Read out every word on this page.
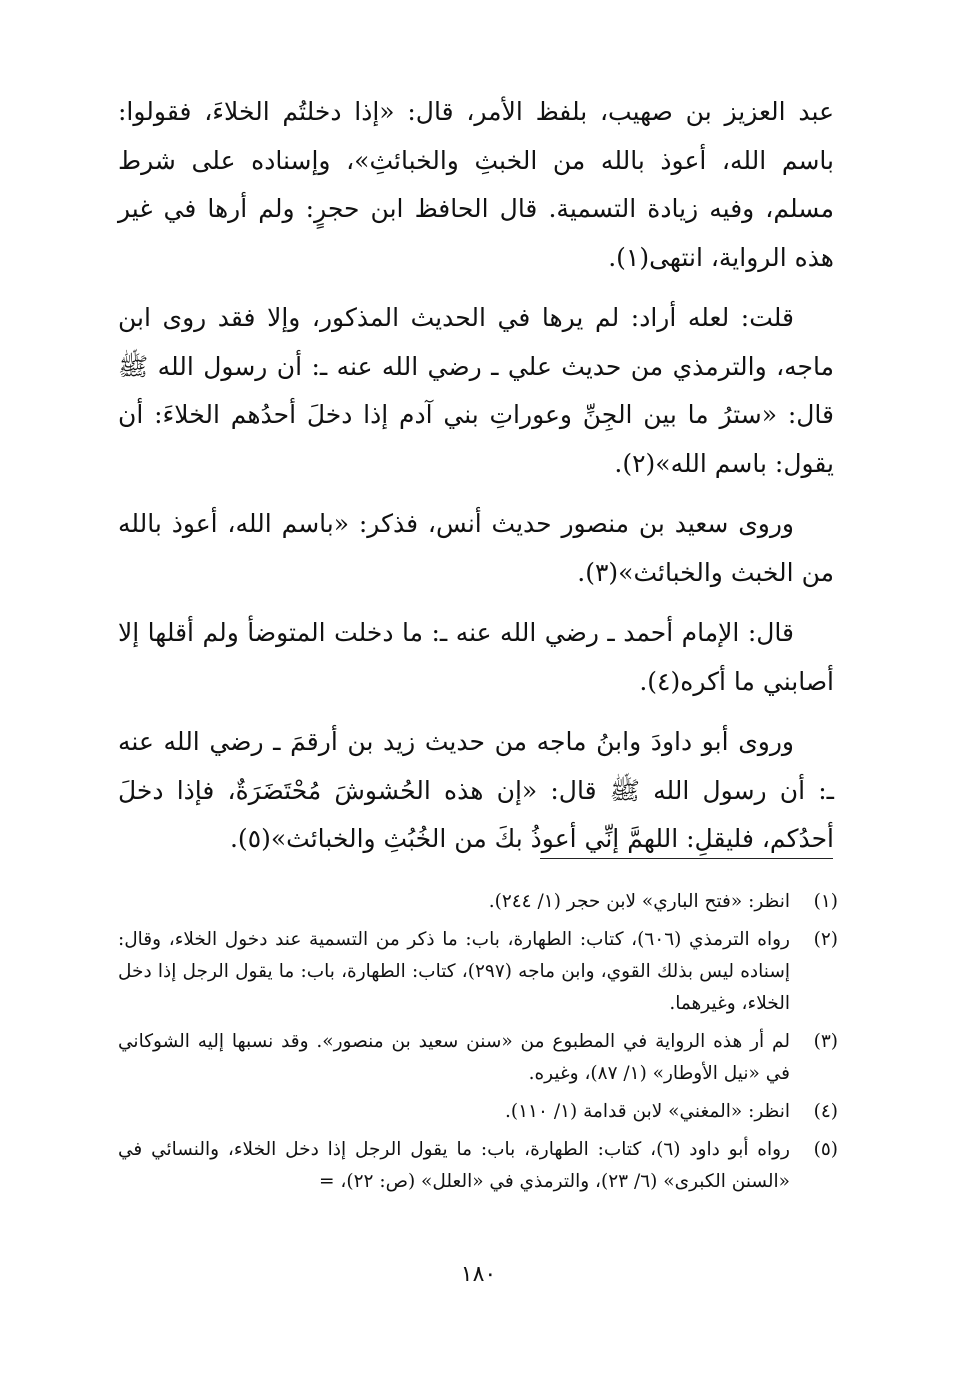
عبد العزيز بن صهيب، بلفظ الأمر، قال: «إذا دخلتُم الخلاءَ، فقولوا: باسم الله، أعوذ بالله من الخبثِ والخبائثِ»، وإسناده على شرط مسلم، وفيه زيادة التسمية. قال الحافظ ابن حجرٍ: ولم أرها في غير هذه الرواية، انتهى(١).

قلت: لعله أراد: لم يرها في الحديث المذكور، وإلا فقد روى ابن ماجه، والترمذي من حديث علي ـ رضي الله عنه ـ: أن رسول الله ﷺ قال: «سترُ ما بين الجِنِّ وعوراتِ بني آدم إذا دخلَ أحدُهم الخلاءَ: أن يقول: باسم الله»(٢).

وروى سعيد بن منصور حديث أنس، فذكر: «باسم الله، أعوذ بالله من الخبث والخبائث»(٣).

قال: الإمام أحمد ـ رضي الله عنه ـ: ما دخلت المتوضأ ولم أقلها إلا أصابني ما أكره(٤).

وروى أبو داودَ وابنُ ماجه من حديث زيد بن أرقمَ ـ رضي الله عنه ـ: أن رسول الله ﷺ قال: «إن هذه الحُشوشَ مُحْتَضَرَةٌ، فإذا دخلَ أحدُكم، فليقلِ: اللهمَّ إنِّي أعوذُ بكَ من الخُبُثِ والخبائث»(٥).

(١)
انظر: «فتح الباري» لابن حجر (١/ ٢٤٤).
(٢)
رواه الترمذي (٦٠٦)، كتاب: الطهارة، باب: ما ذكر من التسمية عند دخول الخلاء، وقال: إسناده ليس بذلك القوي، وابن ماجه (٢٩٧)، كتاب: الطهارة، باب: ما يقول الرجل إذا دخل الخلاء، وغيرهما.
(٣)
لم أر هذه الرواية في المطبوع من «سنن سعيد بن منصور». وقد نسبها إليه الشوكاني في «نيل الأوطار» (١/ ٨٧)، وغيره.
(٤)
انظر: «المغني» لابن قدامة (١/ ١١٠).
(٥)
رواه أبو داود (٦)، كتاب: الطهارة، باب: ما يقول الرجل إذا دخل الخلاء، والنسائي في «السنن الكبرى» (٦/ ٢٣)، والترمذي في «العلل» (ص: ٢٢)، =
١٨٠
